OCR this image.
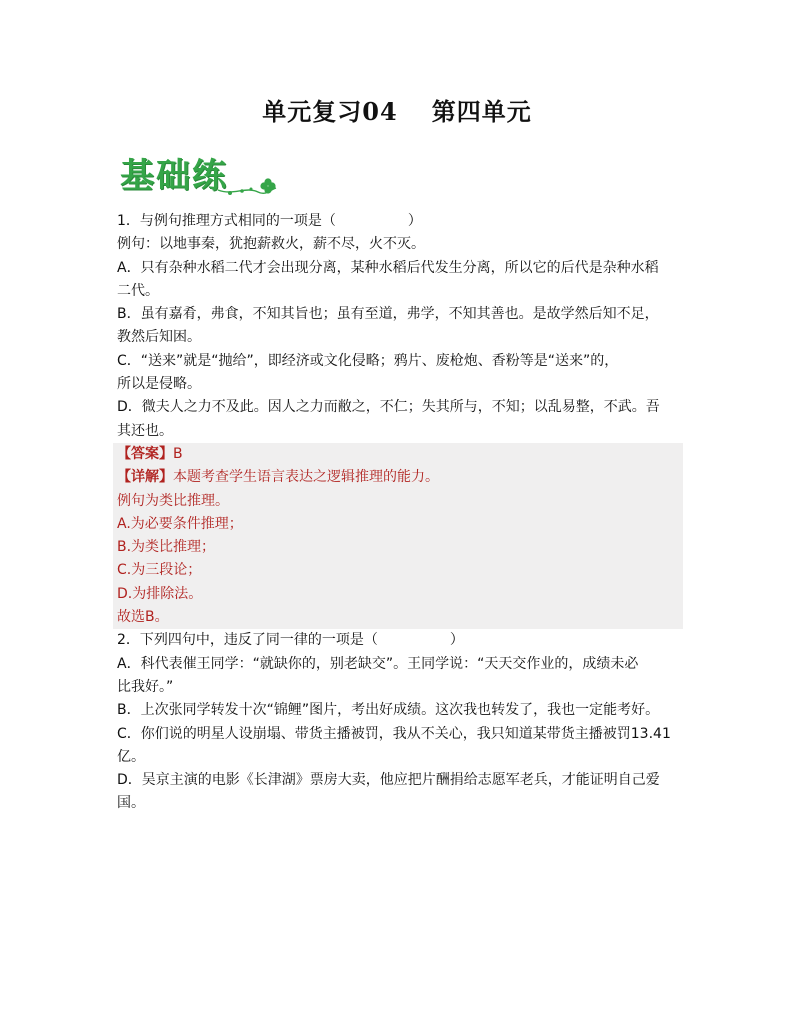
单元复习04 第四单元
基础练
1．与例句推理方式相同的一项是（	）
例句：以地事秦，犹抱薪救火，薪不尽，火不灭。
A．只有杂种水稻二代才会出现分离，某种水稻后代发生分离，所以它的后代是杂种水稻
二代。
B．虽有嘉肴，弗食，不知其旨也；虽有至道，弗学，不知其善也。是故学然后知不足，
教然后知困。
C．“送来”就是“抛给”，即经济或文化侵略；鸦片、废枪炮、香粉等是“送来”的，
所以是侵略。
D．微夫人之力不及此。因人之力而敝之，不仁；失其所与，不知；以乱易整，不武。吾
其还也。
【答案】B
【详解】本题考查学生语言表达之逻辑推理的能力。
例句为类比推理。
A.为必要条件推理；
B.为类比推理；
C.为三段论；
D.为排除法。
故选B。
2．下列四句中，违反了同一律的一项是（	）
A．科代表催王同学：“就缺你的，别老缺交”。王同学说：“天天交作业的，成绩未必
比我好。”
B．上次张同学转发十次“锦鲤”图片，考出好成绩。这次我也转发了，我也一定能考好。
C．你们说的明星人设崩塌、带货主播被罚，我从不关心，我只知道某带货主播被罚13.41
亿。
D．吴京主演的电影《长津湖》票房大卖，他应把片酬捐给志愿军老兵，才能证明自己爱
国。
